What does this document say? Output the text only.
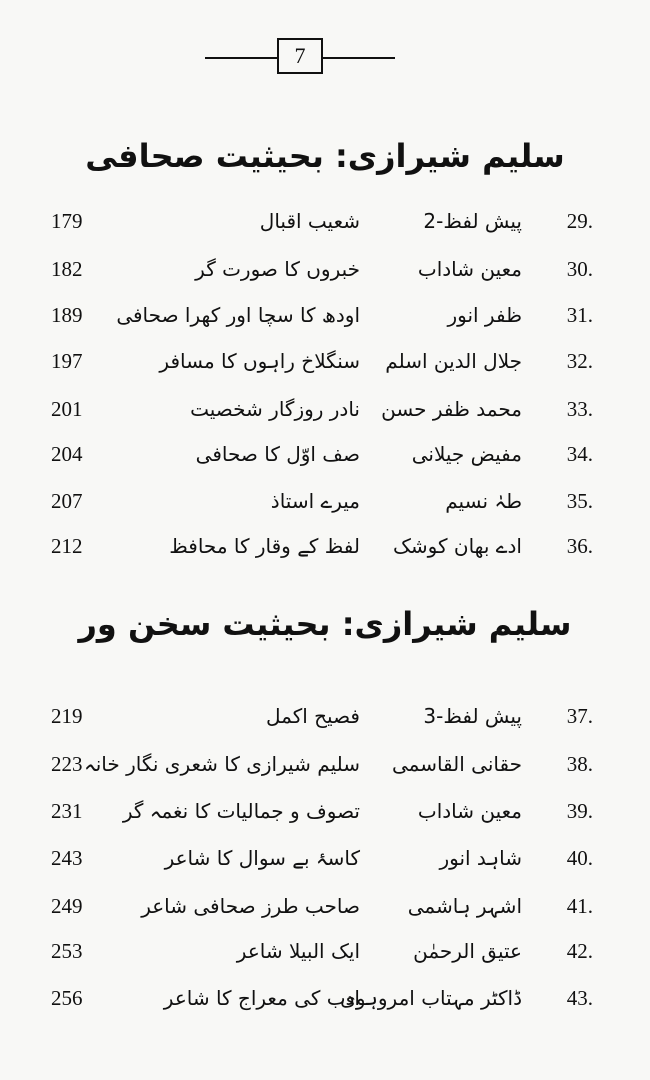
7
سلیم شیرازی: بحیثیت صحافی
29.
پیش لفظ-2
شعیب اقبال
179
30.
معین شاداب
خبروں کا صورت گر
182
31.
ظفر انور
اودھ کا سچا اور کھرا صحافی
189
32.
جلال الدین اسلم
سنگلاخ راہوں کا مسافر
197
33.
محمد ظفر حسن
نادر روزگار شخصیت
201
34.
مفیض جیلانی
صف اوّل کا صحافی
204
35.
طہٰ نسیم
میرے استاذ
207
36.
ادے بھان کوشک
لفظ کے وقار کا محافظ
212
سلیم شیرازی: بحیثیت سخن ور
37.
پیش لفظ-3
فصیح اکمل
219
38.
حقانی القاسمی
سلیم شیرازی کا شعری نگار خانہ
223
39.
معین شاداب
تصوف و جمالیات کا نغمہ گر
231
40.
شاہد انور
کاسۂ بے سوال کا شاعر
243
41.
اشہر ہاشمی
صاحب طرز صحافی شاعر
249
42.
عتیق الرحمٰن
ایک البیلا شاعر
253
43.
ڈاکٹر مہتاب امروہوی
ادب کی معراج کا شاعر
256
